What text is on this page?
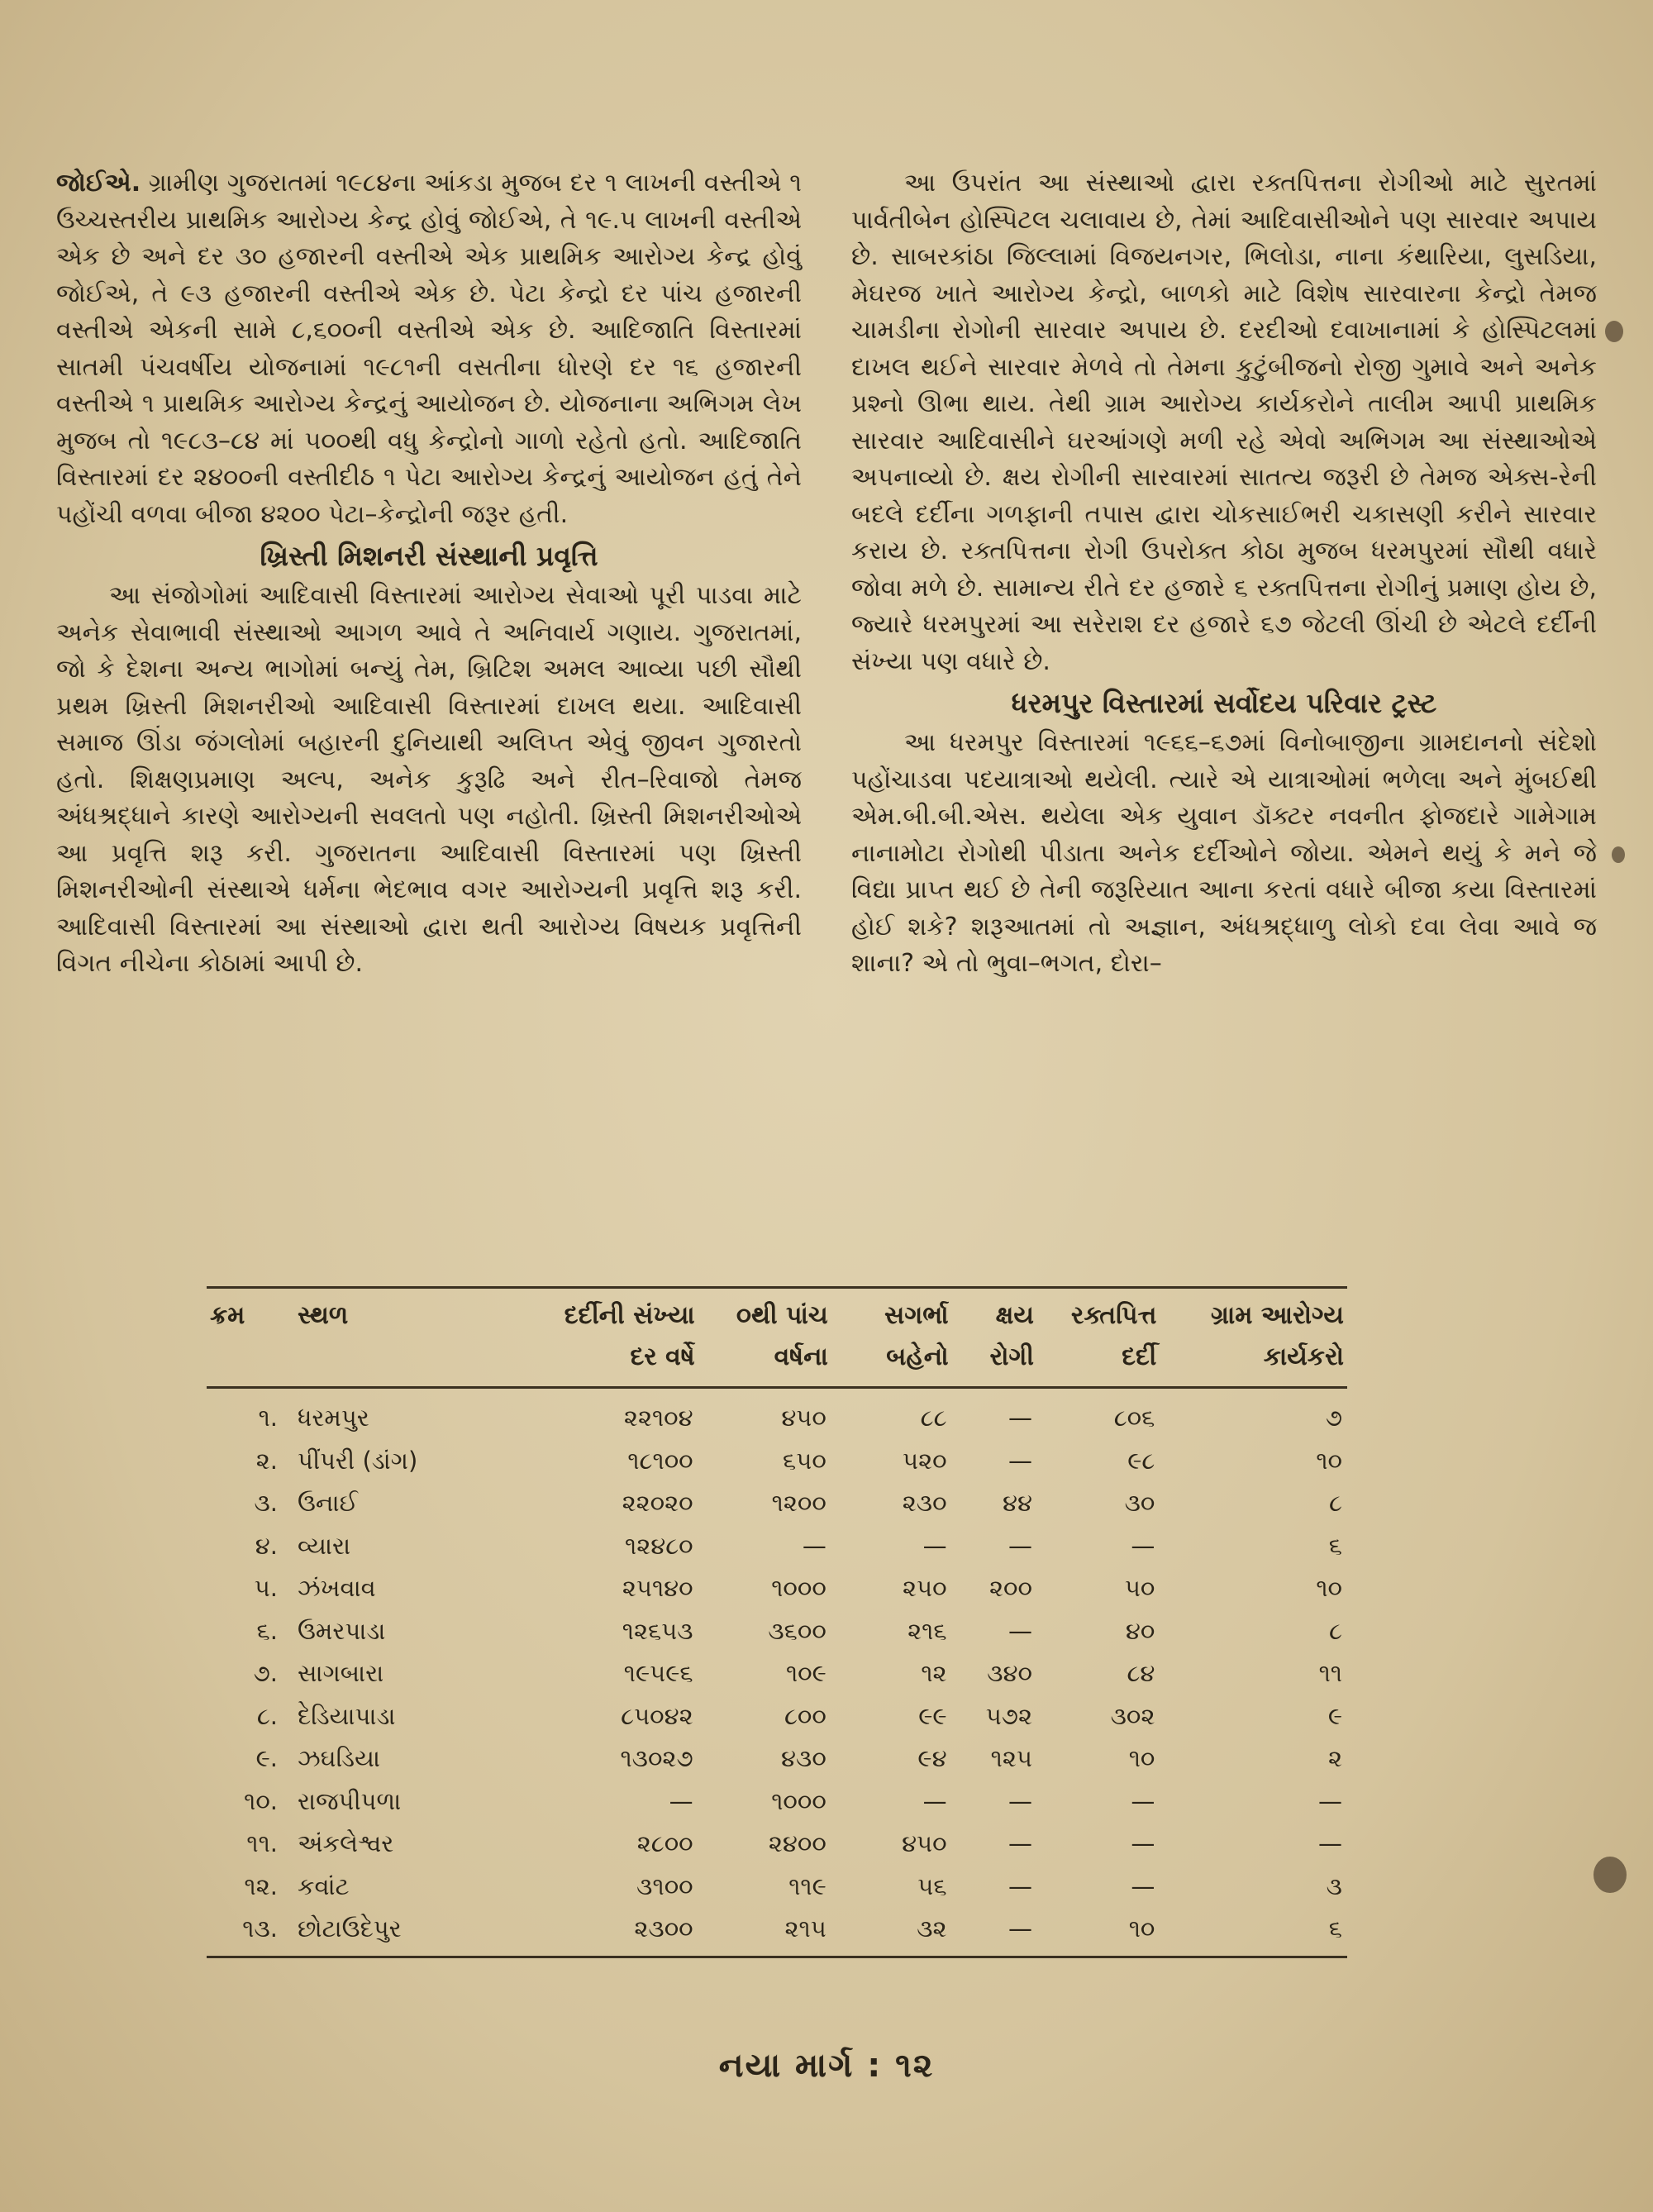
જોઈએ. ગ્રામીણ ગુજરાતમાં ૧૯૮૪ના આંકડા મુજબ દર ૧ લાખની વસ્તીએ ૧ ઉચ્ચસ્તરીય પ્રાથમિક આરોગ્ય કેન્દ્ર હોવું જોઈએ, તે ૧૯.૫ લાખની વસ્તીએ એક છે અને દર ૩૦ હજારની વસ્તીએ એક પ્રાથમિક આરોગ્ય કેન્દ્ર હોવું જોઈએ, તે ૯૩ હજારની વસ્તીએ એક છે. પેટા કેન્દ્રો દર પાંચ હજારની વસ્તીએ એકની સામે ૮,૬૦૦ની વસ્તીએ એક છે. આદિજાતિ વિસ્તારમાં સાતમી પંચવર્ષીય યોજનામાં ૧૯૮૧ની વસતીના ધોરણે દર ૧૬ હજારની વસ્તીએ ૧ પ્રાથમિક આરોગ્ય કેન્દ્રનું આયોજન છે. યોજનાના અભિગમ લેખ મુજબ તો ૧૯૮૩–૮૪ માં ૫૦૦થી વધુ કેન્દ્રોનો ગાળો રહેતો હતો. આદિજાતિ વિસ્તારમાં દર ૨૪૦૦ની વસ્તીદીઠ ૧ પેટા આરોગ્ય કેન્દ્રનું આયોજન હતું તેને પહોંચી વળવા બીજા ૪૨૦૦ પેટા–કેન્દ્રોની જરૂર હતી.

ખ્રિસ્તી મિશનરી સંસ્થાની પ્રવૃત્તિ

આ સંજોગોમાં આદિવાસી વિસ્તારમાં આરોગ્ય સેવાઓ પૂરી પાડવા માટે અનેક સેવાભાવી સંસ્થાઓ આગળ આવે તે અનિવાર્ય ગણાય. ગુજરાતમાં, જો કે દેશના અન્ય ભાગોમાં બન્યું તેમ, બ્રિટિશ અમલ આવ્યા પછી સૌથી પ્રથમ ખ્રિસ્તી મિશનરીઓ આદિવાસી વિસ્તારમાં દાખલ થયા. આદિવાસી સમાજ ઊંડા જંગલોમાં બહારની દુનિયાથી અલિપ્ત એવું જીવન ગુજારતો હતો. શિક્ષણપ્રમાણ અલ્પ, અનેક કુરૂઢિ અને રીત–રિવાજો તેમજ અંધશ્રદ્ધાને કારણે આરોગ્યની સવલતો પણ નહોતી. ખ્રિસ્તી મિશનરીઓએ આ પ્રવૃત્તિ શરૂ કરી. ગુજરાતના આદિવાસી વિસ્તારમાં પણ ખ્રિસ્તી મિશનરીઓની સંસ્થાએ ધર્મના ભેદભાવ વગર આરોગ્યની પ્રવૃત્તિ શરૂ કરી. આદિવાસી વિસ્તારમાં આ સંસ્થાઓ દ્વારા થતી આરોગ્ય વિષયક પ્રવૃત્તિની વિગત નીચેના કોઠામાં આપી છે.

આ ઉપરાંત આ સંસ્થાઓ દ્વારા રક્તપિત્તના રોગીઓ માટે સુરતમાં પાર્વતીબેન હોસ્પિટલ ચલાવાય છે, તેમાં આદિવાસીઓને પણ સારવાર અપાય છે. સાબરકાંઠા જિલ્લામાં વિજયનગર, ભિલોડા, નાના કંથારિયા, લુસડિયા, મેઘરજ ખાતે આરોગ્ય કેન્દ્રો, બાળકો માટે વિશેષ સારવારના કેન્દ્રો તેમજ ચામડીના રોગોની સારવાર અપાય છે. દરદીઓ દવાખાનામાં કે હોસ્પિટલમાં દાખલ થઈને સારવાર મેળવે તો તેમના કુટુંબીજનો રોજી ગુમાવે અને અનેક પ્રશ્નો ઊભા થાય. તેથી ગ્રામ આરોગ્ય કાર્યકરોને તાલીમ આપી પ્રાથમિક સારવાર આદિવાસીને ઘરઆંગણે મળી રહે એવો અભિગમ આ સંસ્થાઓએ અપનાવ્યો છે. ક્ષય રોગીની સારવારમાં સાતત્ય જરૂરી છે તેમજ એક્સ-રેની બદલે દર્દીના ગળફાની તપાસ દ્વારા ચોકસાઈભરી ચકાસણી કરીને સારવાર કરાય છે. રક્તપિત્તના રોગી ઉપરોક્ત કોઠા મુજબ ધરમપુરમાં સૌથી વધારે જોવા મળે છે. સામાન્ય રીતે દર હજારે ૬ રક્તપિત્તના રોગીનું પ્રમાણ હોય છે, જ્યારે ધરમપુરમાં આ સરેરાશ દર હજારે ૬૭ જેટલી ઊંચી છે એટલે દર્દીની સંખ્યા પણ વધારે છે.

ધરમપુર વિસ્તારમાં સર્વોદય પરિવાર ટ્રસ્ટ

આ ધરમપુર વિસ્તારમાં ૧૯૬૬–૬૭માં વિનોબાજીના ગ્રામદાનનો સંદેશો પહોંચાડવા પદયાત્રાઓ થયેલી. ત્યારે એ યાત્રાઓમાં ભળેલા અને મુંબઈથી એમ.બી.બી.એસ. થયેલા એક યુવાન ડૉક્ટર નવનીત ફોજદારે ગામેગામ નાનામોટા રોગોથી પીડાતા અનેક દર્દીઓને જોયા. એમને થયું કે મને જે વિદ્યા પ્રાપ્ત થઈ છે તેની જરૂરિયાત આના કરતાં વધારે બીજા કયા વિસ્તારમાં હોઈ શકે? શરૂઆતમાં તો અજ્ઞાન, અંધશ્રદ્ધાળુ લોકો દવા લેવા આવે જ શાના? એ તો ભુવા–ભગત, દોરા–

ક્રમ	સ્થળ	દર્દીની સંખ્યા દર વર્ષે	૦થી પાંચ વર્ષના	સગર્ભા બહેનો	ક્ષય રોગી	રક્તપિત્ત દર્દી	ગ્રામ આરોગ્ય કાર્યકરો
૧.	ધરમપુર	૨૨૧૦૪	૪૫૦	૮૮	—	૮૦૬	૭
૨.	પીંપરી (ડાંગ)	૧૮૧૦૦	૬૫૦	૫૨૦	—	૯૮	૧૦
૩.	ઉનાઈ	૨૨૦૨૦	૧૨૦૦	૨૩૦	૪૪	૩૦	૮
૪.	વ્યારા	૧૨૪૮૦	—	—	—	—	૬
૫.	ઝંખવાવ	૨૫૧૪૦	૧૦૦૦	૨૫૦	૨૦૦	૫૦	૧૦
૬.	ઉમરપાડા	૧૨૬૫૩	૩૬૦૦	૨૧૬	—	૪૦	૮
૭.	સાગબારા	૧૯૫૯૬	૧૦૯	૧૨	૩૪૦	૮૪	૧૧
૮.	દેડિયાપાડા	૮૫૦૪૨	૮૦૦	૯૯	૫૭૨	૩૦૨	૯
૯.	ઝઘડિયા	૧૩૦૨૭	૪૩૦	૯૪	૧૨૫	૧૦	૨
૧૦.	રાજપીપળા	—	૧૦૦૦	—	—	—	—
૧૧.	અંકલેશ્વર	૨૮૦૦	૨૪૦૦	૪૫૦	—	—	—
૧૨.	કવાંટ	૩૧૦૦	૧૧૯	૫૬	—	—	૩
૧૩.	છોટાઉદેપુર	૨૩૦૦	૨૧૫	૩૨	—	૧૦	૬
નયા માર્ગ : ૧૨
